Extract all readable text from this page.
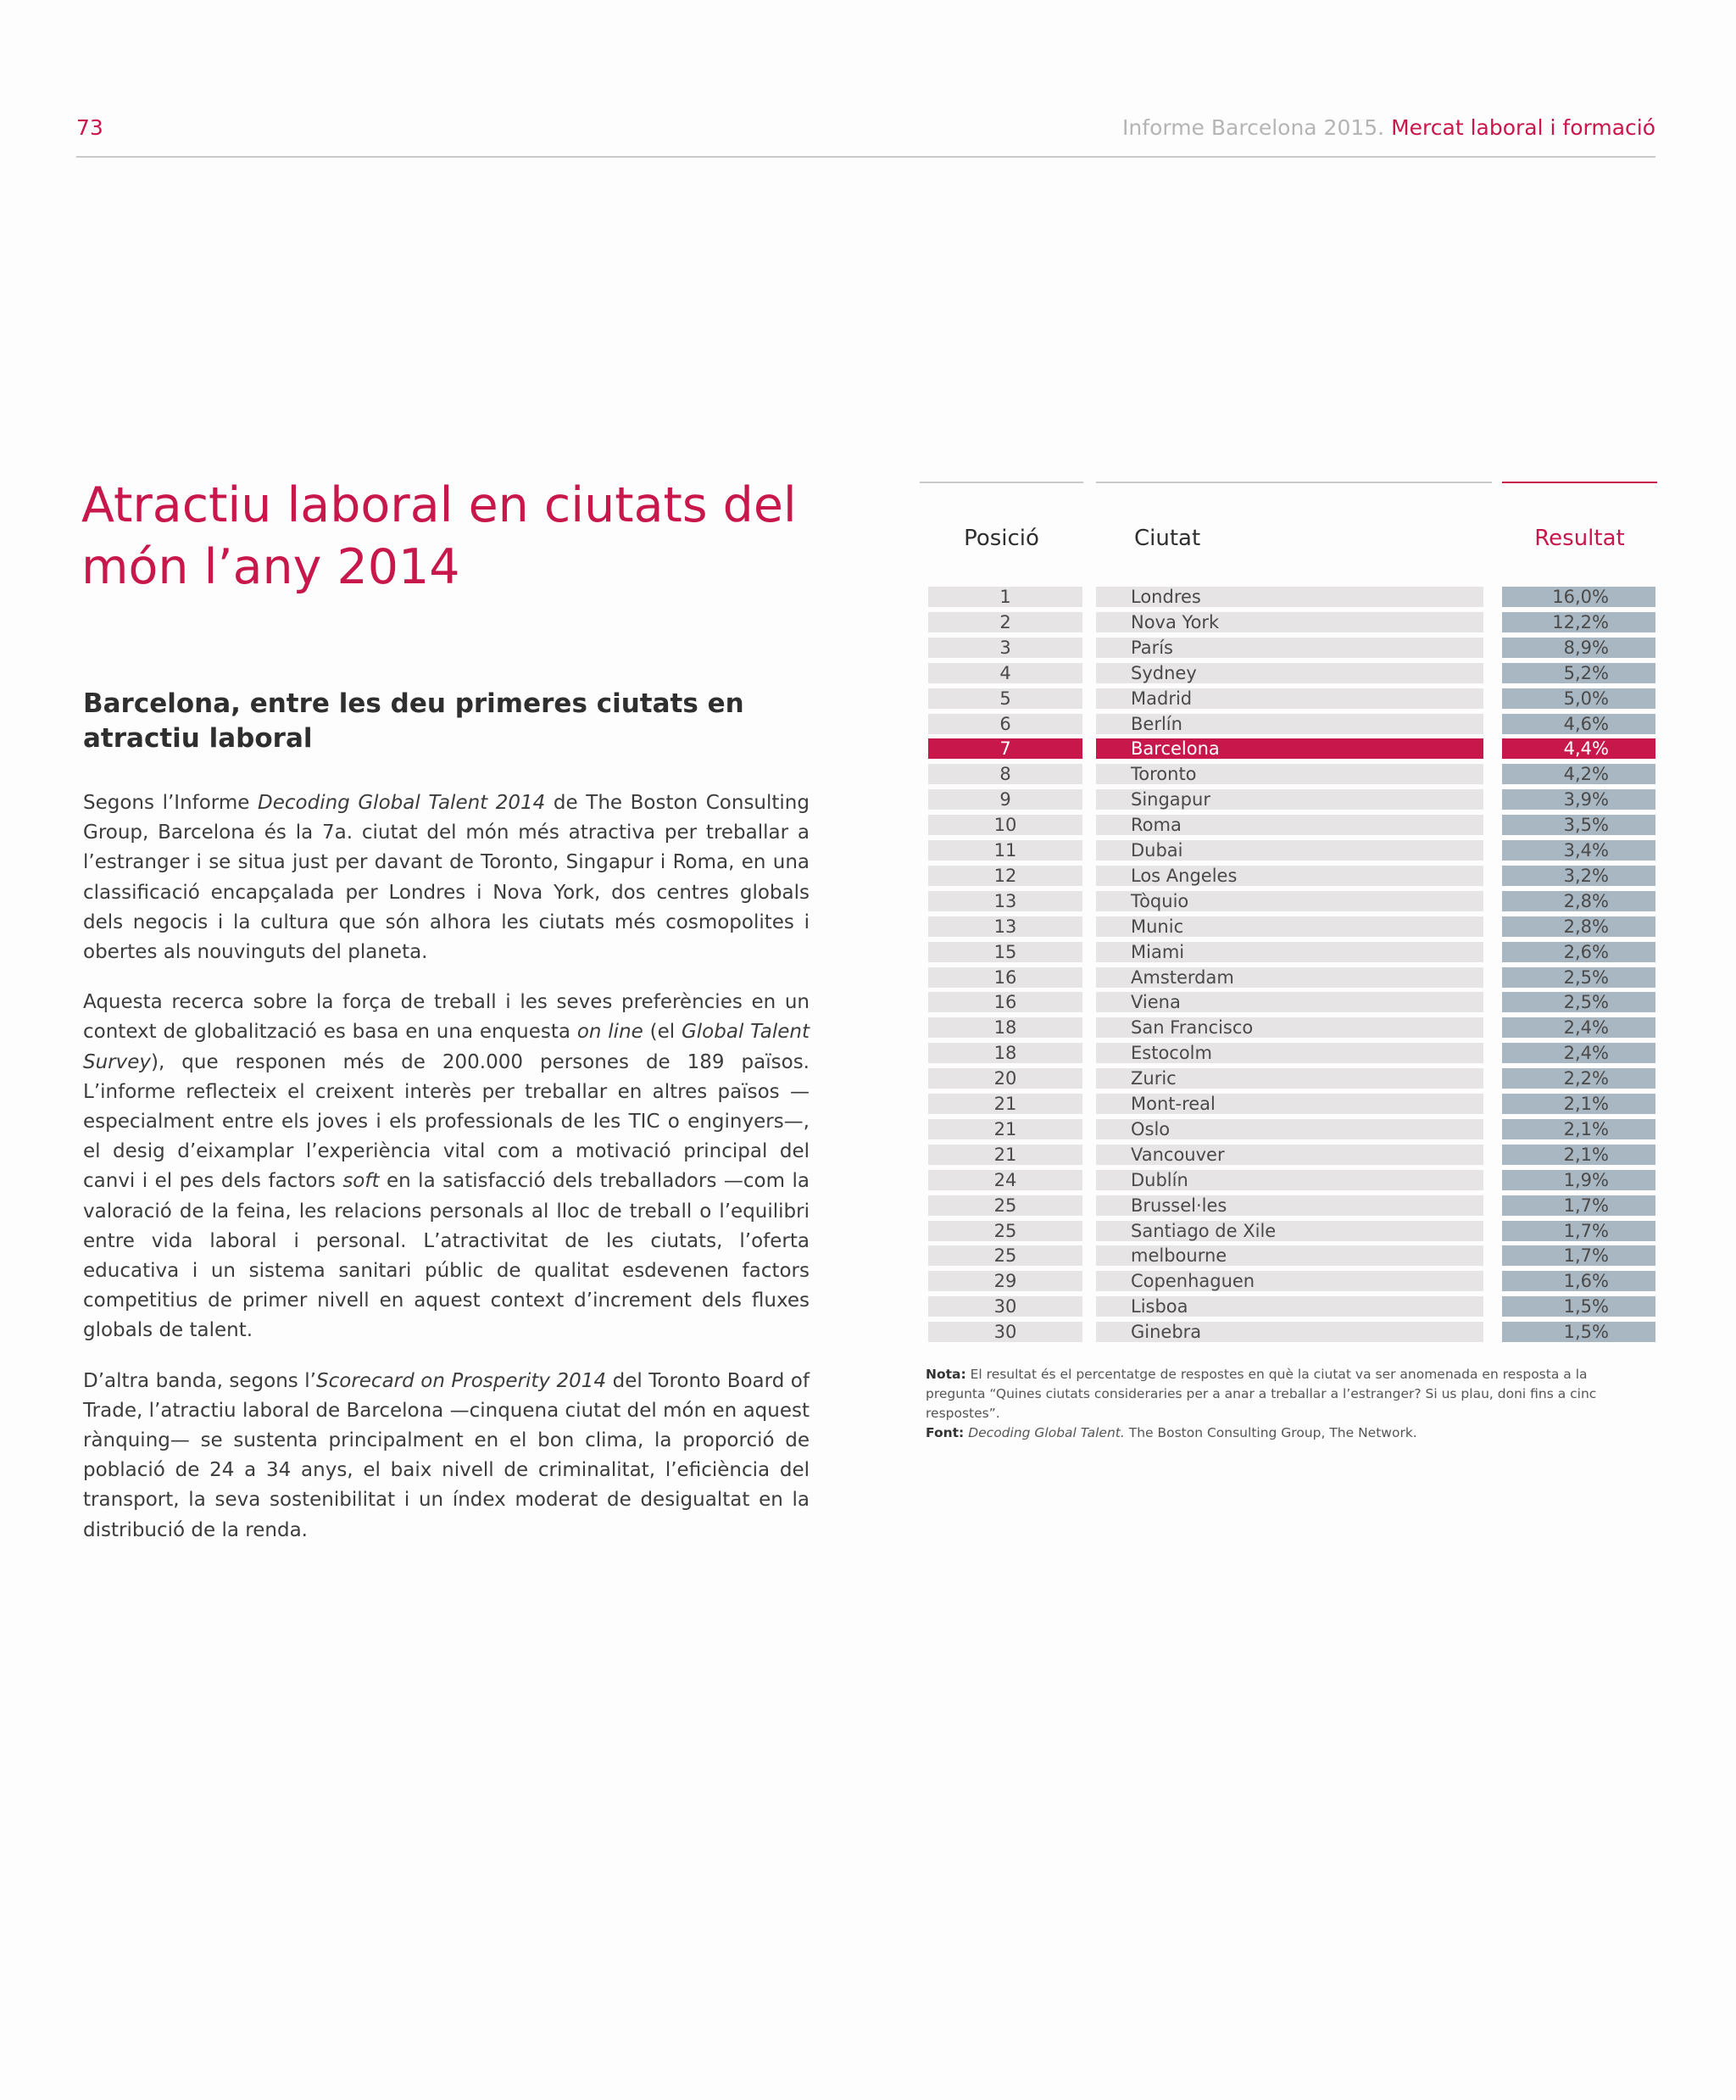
73	Informe Barcelona 2015. Mercat laboral i formació
Atractiu laboral en ciutats del món l’any 2014
Barcelona, entre les deu primeres ciutats en atractiu laboral

Segons l’Informe Decoding Global Talent 2014 de The Boston Consulting Group, Barcelona és la 7a. ciutat del món més atractiva per treballar a l’estranger i se situa just per davant de Toronto, Singapur i Roma, en una classificació encapçalada per Londres i Nova York, dos centres globals dels negocis i la cultura que són alhora les ciutats més cosmopolites i obertes als nouvinguts del planeta.

Aquesta recerca sobre la força de treball i les seves preferències en un context de globalització es basa en una enquesta on line (el Global Talent Survey), que responen més de 200.000 persones de 189 països. L’informe reflecteix el creixent interès per treballar en altres països —especialment entre els joves i els professionals de les TIC o enginyers—, el desig d’eixamplar l’experiència vital com a motivació principal del canvi i el pes dels factors soft en la satisfacció dels treballadors —com la valoració de la feina, les relacions personals al lloc de treball o l’equilibri entre vida laboral i personal. L’atractivitat de les ciutats, l’oferta educativa i un sistema sanitari públic de qualitat esdevenen factors competitius de primer nivell en aquest context d’increment dels fluxes globals de talent.

D’altra banda, segons l’Scorecard on Prosperity 2014 del Toronto Board of Trade, l’atractiu laboral de Barcelona —cinquena ciutat del món en aquest rànquing— se sustenta principalment en el bon clima, la proporció de població de 24 a 34 anys, el baix nivell de criminalitat, l’eficiència del transport, la seva sostenibilitat i un índex moderat de desigualtat en la distribució de la renda.

Posició	Ciutat	Resultat
1	Londres	16,0%
2	Nova York	12,2%
3	París	8,9%
4	Sydney	5,2%
5	Madrid	5,0%
6	Berlín	4,6%
7	Barcelona	4,4%
8	Toronto	4,2%
9	Singapur	3,9%
10	Roma	3,5%
11	Dubai	3,4%
12	Los Angeles	3,2%
13	Tòquio	2,8%
13	Munic	2,8%
15	Miami	2,6%
16	Amsterdam	2,5%
16	Viena	2,5%
18	San Francisco	2,4%
18	Estocolm	2,4%
20	Zuric	2,2%
21	Mont-real	2,1%
21	Oslo	2,1%
21	Vancouver	2,1%
24	Dublín	1,9%
25	Brussel·les	1,7%
25	Santiago de Xile	1,7%
25	melbourne	1,7%
29	Copenhaguen	1,6%
30	Lisboa	1,5%
30	Ginebra	1,5%

Nota: El resultat és el percentatge de respostes en què la ciutat va ser anomenada en resposta a la pregunta “Quines ciutats consideraries per a anar a treballar a l’estranger? Si us plau, doni fins a cinc respostes”.

Font: Decoding Global Talent. The Boston Consulting Group, The Network.
